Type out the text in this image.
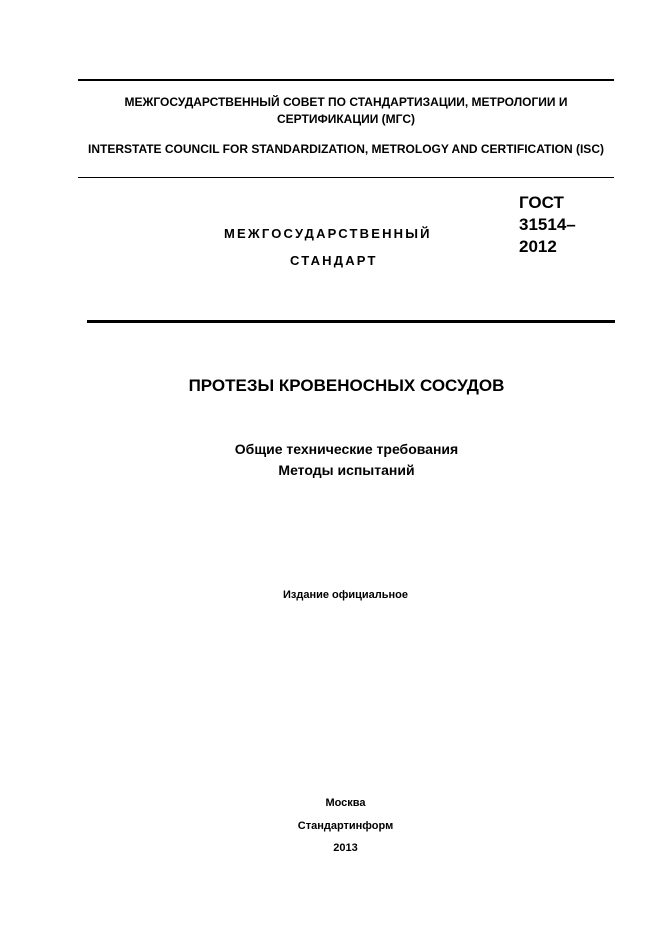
МЕЖГОСУДАРСТВЕННЫЙ СОВЕТ ПО СТАНДАРТИЗАЦИИ, МЕТРОЛОГИИ И СЕРТИФИКАЦИИ (МГС)

INTERSTATE COUNCIL FOR STANDARDIZATION, METROLOGY AND CERTIFICATION (ISC)

МЕЖГОСУДАРСТВЕННЫЙ
СТАНДАРТ
ГОСТ
31514–
2012
ПРОТЕЗЫ КРОВЕНОСНЫХ СОСУДОВ
Общие технические требования
Методы испытаний
Издание официальное
Москва
Стандартинформ
2013
